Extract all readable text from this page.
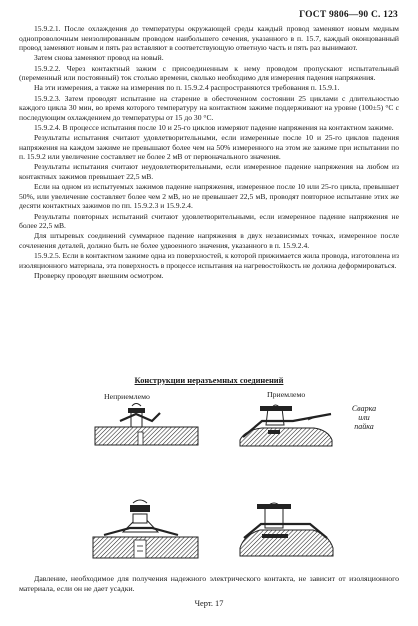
ГОСТ 9806—90 С. 123

15.9.2.1. После охлаждения до температуры окружающей среды каждый провод заменяют новым медным однопроволочным неизолированным проводом наибольшего сечения, указанного в п. 15.7, каждый оконцованный провод заменяют новым и пять раз вставляют в соответствующую ответную часть и пять раз вынимают.

Затем снова заменяют провод на новый.

15.9.2.2. Через контактный зажим с присоединенным к нему проводом пропускают испытательный (переменный или постоянный) ток столько времени, сколько необходимо для измерения падения напряжения.

На эти измерения, а также на измерения по п. 15.9.2.4 распространяются требования п. 15.9.1.

15.9.2.3. Затем проводят испытание на старение в обесточенном состоянии 25 циклами с длительностью каждого цикла 30 мин, во время которого температуру на контактном зажиме поддерживают на уровне (100±5) °С с последующим охлаждением до температуры от 15 до 30 °С.

15.9.2.4. В процессе испытания после 10 и 25-го циклов измеряют падение напряжения на контактном зажиме.

Результаты испытания считают удовлетворительными, если измеренные после 10 и 25-го циклов падения напряжения на каждом зажиме не превышают более чем на 50% измеренного на этом же зажиме при испытании по п. 15.9.2 или увеличение составляет не более 2 мВ от первоначального значения.

Результаты испытания считают неудовлетворительными, если измеренное падение напряжения на любом из контактных зажимов превышает 22,5 мВ.

Если на одном из испытуемых зажимов падение напряжения, измеренное после 10 или 25-го цикла, превышает 50%, или увеличение составляет более чем 2 мВ, но не превышает 22,5 мВ, проводят повторное испытание этих же десяти контактных зажимов по пп. 15.9.2.3 и 15.9.2.4.

Результаты повторных испытаний считают удовлетворительными, если измеренное падение напряжения не более 22,5 мВ.

Для штыревых соединений суммарное падение напряжения в двух независимых точках, измеренное после сочленения деталей, должно быть не более удвоенного значения, указанного в п. 15.9.2.4.

15.9.2.5. Если в контактном зажиме одна из поверхностей, к которой прижимается жила провода, изготовлена из изоляционного материала, эта поверхность в процессе испытания на нагревостойкость не должна деформироваться.

Проверку проводят внешним осмотром.

Конструкции неразъемных соединений
Неприемлемо	Приемлемо
Сварка
или
пайка

Давление, необходимое для получения надежного электрического контакта, не зависит от изоляционного материала, если он не дает усадки.

Черт. 17
